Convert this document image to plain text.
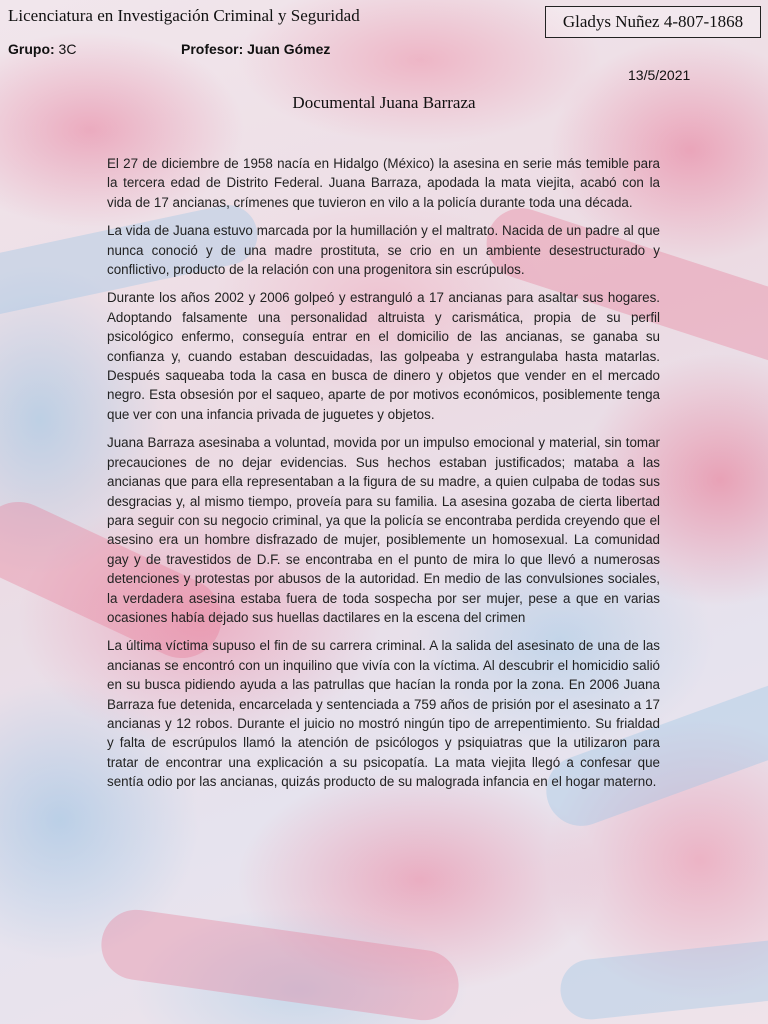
Licenciatura en Investigación Criminal y Seguridad	Gladys Nuñez 4-807-1868
Grupo: 3C	Profesor: Juan Gómez
13/5/2021
Documental Juana Barraza

El 27 de diciembre de 1958 nacía en Hidalgo (México) la asesina en serie más temible para la tercera edad de Distrito Federal. Juana Barraza, apodada la mata viejita, acabó con la vida de 17 ancianas, crímenes que tuvieron en vilo a la policía durante toda una década.

La vida de Juana estuvo marcada por la humillación y el maltrato. Nacida de un padre al que nunca conoció y de una madre prostituta, se crio en un ambiente desestructurado y conflictivo, producto de la relación con una progenitora sin escrúpulos.

Durante los años 2002 y 2006 golpeó y estranguló a 17 ancianas para asaltar sus hogares. Adoptando falsamente una personalidad altruista y carismática, propia de su perfil psicológico enfermo, conseguía entrar en el domicilio de las ancianas, se ganaba su confianza y, cuando estaban descuidadas, las golpeaba y estrangulaba hasta matarlas. Después saqueaba toda la casa en busca de dinero y objetos que vender en el mercado negro. Esta obsesión por el saqueo, aparte de por motivos económicos, posiblemente tenga que ver con una infancia privada de juguetes y objetos.

Juana Barraza asesinaba a voluntad, movida por un impulso emocional y material, sin tomar precauciones de no dejar evidencias. Sus hechos estaban justificados; mataba a las ancianas que para ella representaban a la figura de su madre, a quien culpaba de todas sus desgracias y, al mismo tiempo, proveía para su familia. La asesina gozaba de cierta libertad para seguir con su negocio criminal, ya que la policía se encontraba perdida creyendo que el asesino era un hombre disfrazado de mujer, posiblemente un homosexual. La comunidad gay y de travestidos de D.F. se encontraba en el punto de mira lo que llevó a numerosas detenciones y protestas por abusos de la autoridad. En medio de las convulsiones sociales, la verdadera asesina estaba fuera de toda sospecha por ser mujer, pese a que en varias ocasiones había dejado sus huellas dactilares en la escena del crimen

La última víctima supuso el fin de su carrera criminal. A la salida del asesinato de una de las ancianas se encontró con un inquilino que vivía con la víctima. Al descubrir el homicidio salió en su busca pidiendo ayuda a las patrullas que hacían la ronda por la zona. En 2006 Juana Barraza fue detenida, encarcelada y sentenciada a 759 años de prisión por el asesinato a 17 ancianas y 12 robos. Durante el juicio no mostró ningún tipo de arrepentimiento. Su frialdad y falta de escrúpulos llamó la atención de psicólogos y psiquiatras que la utilizaron para tratar de encontrar una explicación a su psicopatía. La mata viejita llegó a confesar que sentía odio por las ancianas, quizás producto de su malograda infancia en el hogar materno.
